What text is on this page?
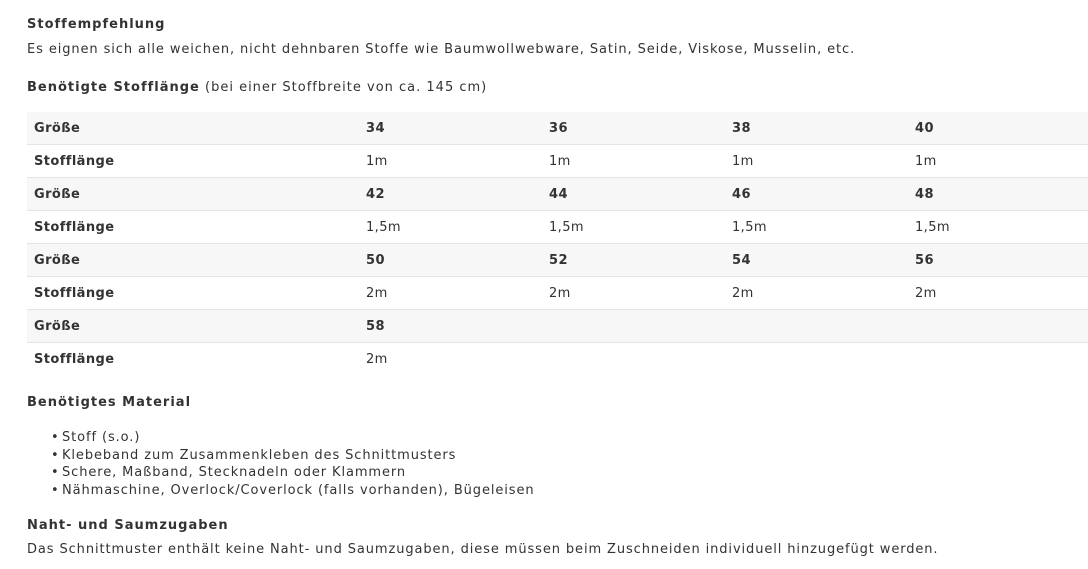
Stoffempfehlung

Es eignen sich alle weichen, nicht dehnbaren Stoffe wie Baumwollwebware, Satin, Seide, Viskose, Musselin, etc.

Benötigte Stofflänge (bei einer Stoffbreite von ca. 145 cm)
Größe	34	36	38	40
Stofflänge	1m	1m	1m	1m
Größe	42	44	46	48
Stofflänge	1,5m	1,5m	1,5m	1,5m
Größe	50	52	54	56
Stofflänge	2m	2m	2m	2m
Größe	58			
Stofflänge	2m			
Benötigtes Material
• Stoff (s.o.)
• Klebeband zum Zusammenkleben des Schnittmusters
• Schere, Maßband, Stecknadeln oder Klammern
• Nähmaschine, Overlock/Coverlock (falls vorhanden), Bügeleisen
Naht- und Saumzugaben

Das Schnittmuster enthält keine Naht- und Saumzugaben, diese müssen beim Zuschneiden individuell hinzugefügt werden.
